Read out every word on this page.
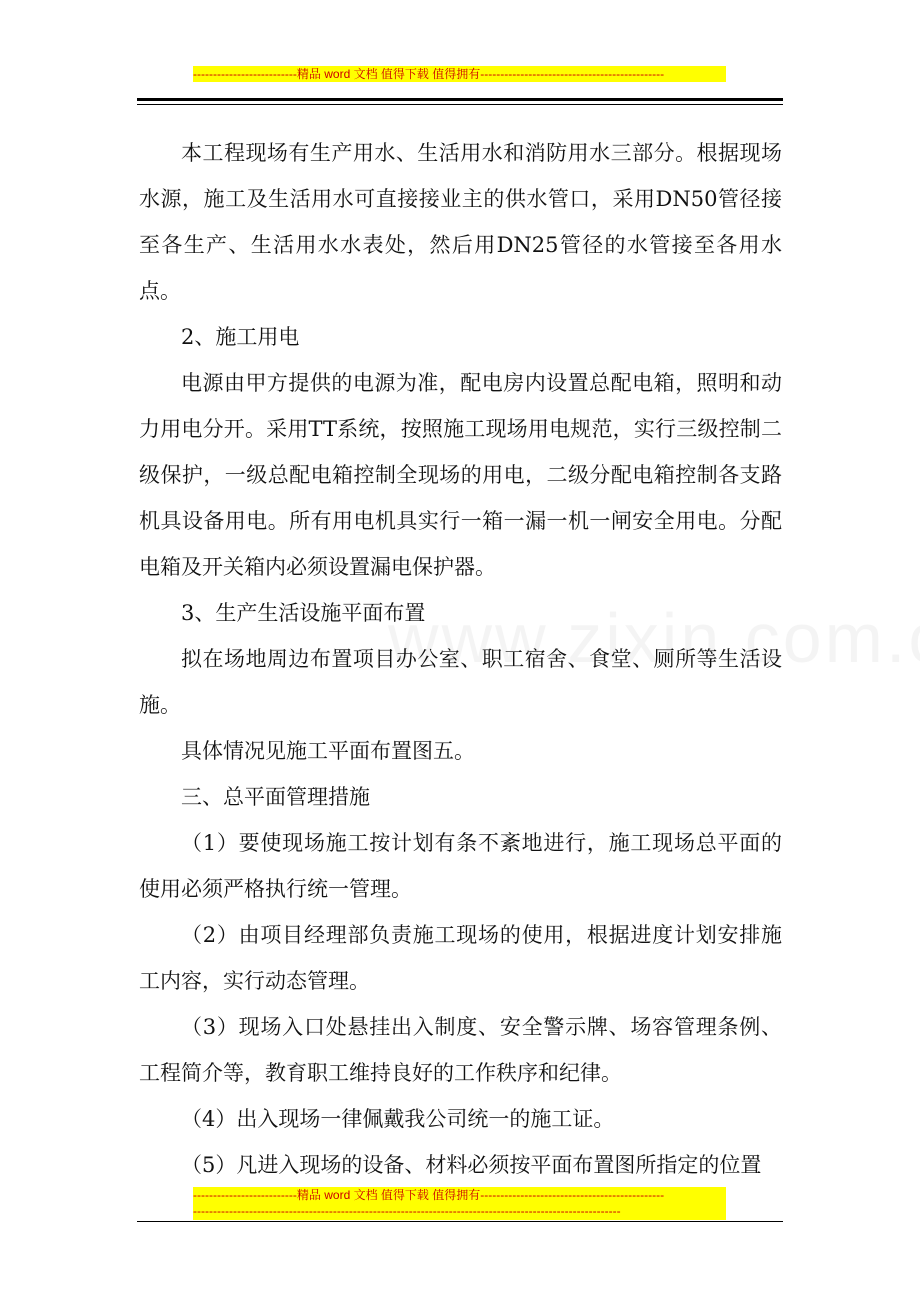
--------------------------精品 word 文档 值得下载 值得拥有----------------------------------------------

本工程现场有生产用水、生活用水和消防用水三部分。根据现场水源，施工及生活用水可直接接业主的供水管口，采用DN50管径接至各生产、生活用水水表处，然后用DN25管径的水管接至各用水点。

2、施工用电

电源由甲方提供的电源为准，配电房内设置总配电箱，照明和动力用电分开。采用TT系统，按照施工现场用电规范，实行三级控制二级保护，一级总配电箱控制全现场的用电，二级分配电箱控制各支路机具设备用电。所有用电机具实行一箱一漏一机一闸安全用电。分配电箱及开关箱内必须设置漏电保护器。

3、生产生活设施平面布置

拟在场地周边布置项目办公室、职工宿舍、食堂、厕所等生活设施。

具体情况见施工平面布置图五。

三、总平面管理措施

（1）要使现场施工按计划有条不紊地进行，施工现场总平面的使用必须严格执行统一管理。

（2）由项目经理部负责施工现场的使用，根据进度计划安排施工内容，实行动态管理。

（3）现场入口处悬挂出入制度、安全警示牌、场容管理条例、工程简介等，教育职工维持良好的工作秩序和纪律。

（4）出入现场一律佩戴我公司统一的施工证。

（5）凡进入现场的设备、材料必须按平面布置图所指定的位置

--------------------------精品 word 文档 值得下载 值得拥有----------------------------------------------
-----------------------------------------------------------------------------------------------------------
